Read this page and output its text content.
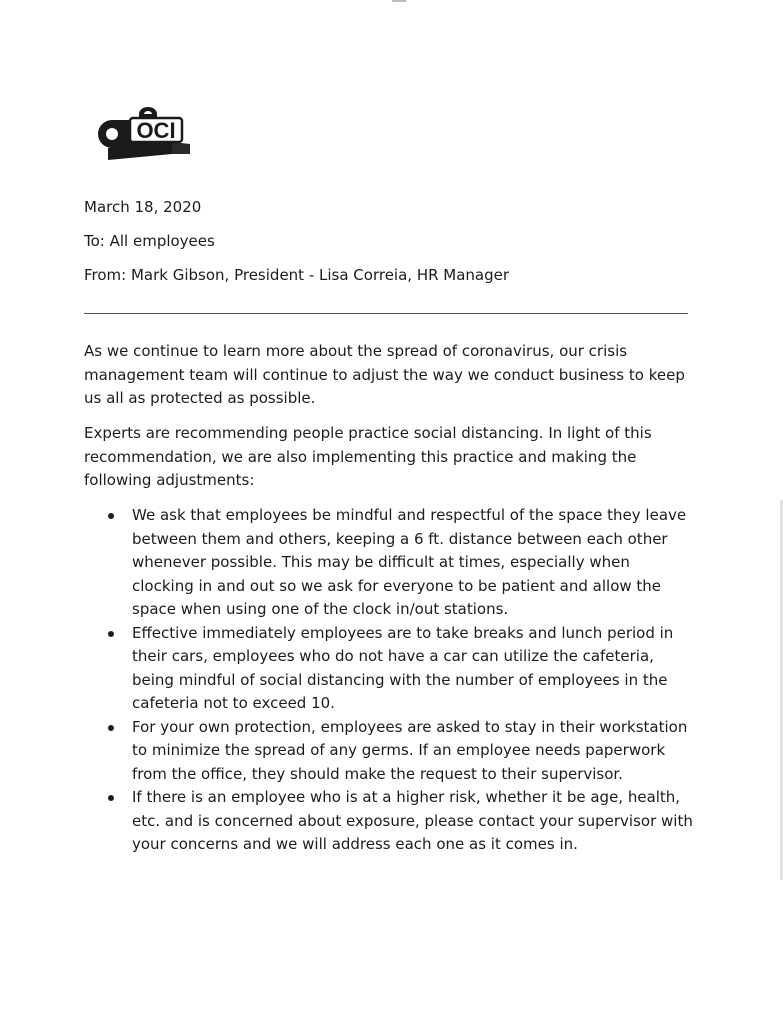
OCI
March 18, 2020
To: All employees
From: Mark Gibson, President - Lisa Correia, HR Manager

As we continue to learn more about the spread of coronavirus, our crisis management team will continue to adjust the way we conduct business to keep us all as protected as possible.

Experts are recommending people practice social distancing. In light of this recommendation, we are also implementing this practice and making the following adjustments:

We ask that employees be mindful and respectful of the space they leave between them and others, keeping a 6 ft. distance between each other whenever possible. This may be difficult at times, especially when clocking in and out so we ask for everyone to be patient and allow the space when using one of the clock in/out stations.
Effective immediately employees are to take breaks and lunch period in their cars, employees who do not have a car can utilize the cafeteria, being mindful of social distancing with the number of employees in the cafeteria not to exceed 10.
For your own protection, employees are asked to stay in their workstation to minimize the spread of any germs. If an employee needs paperwork from the office, they should make the request to their supervisor.
If there is an employee who is at a higher risk, whether it be age, health, etc. and is concerned about exposure, please contact your supervisor with your concerns and we will address each one as it comes in.
